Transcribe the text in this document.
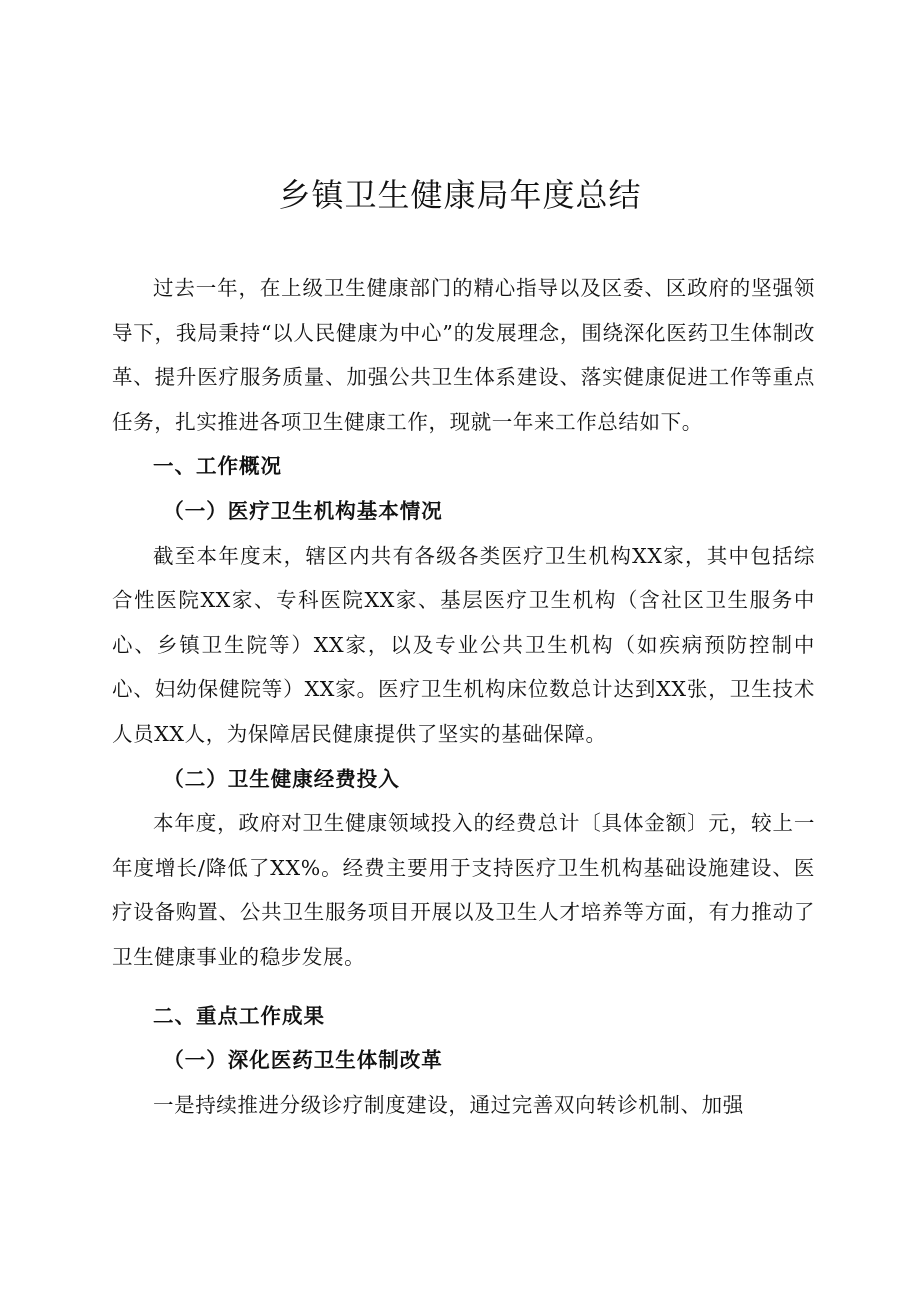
乡镇卫生健康局年度总结

过去一年，在上级卫生健康部门的精心指导以及区委、区政府的坚强领导下，我局秉持“以人民健康为中心”的发展理念，围绕深化医药卫生体制改革、提升医疗服务质量、加强公共卫生体系建设、落实健康促进工作等重点任务，扎实推进各项卫生健康工作，现就一年来工作总结如下。

一、工作概况
（一）医疗卫生机构基本情况

截至本年度末，辖区内共有各级各类医疗卫生机构XX家，其中包括综合性医院XX家、专科医院XX家、基层医疗卫生机构（含社区卫生服务中心、乡镇卫生院等）XX家，以及专业公共卫生机构（如疾病预防控制中心、妇幼保健院等）XX家。医疗卫生机构床位数总计达到XX张，卫生技术人员XX人，为保障居民健康提供了坚实的基础保障。

（二）卫生健康经费投入

本年度，政府对卫生健康领域投入的经费总计〔具体金额〕元，较上一年度增长/降低了XX%。经费主要用于支持医疗卫生机构基础设施建设、医疗设备购置、公共卫生服务项目开展以及卫生人才培养等方面，有力推动了卫生健康事业的稳步发展。

二、重点工作成果
（一）深化医药卫生体制改革

一是持续推进分级诊疗制度建设，通过完善双向转诊机制、加强
